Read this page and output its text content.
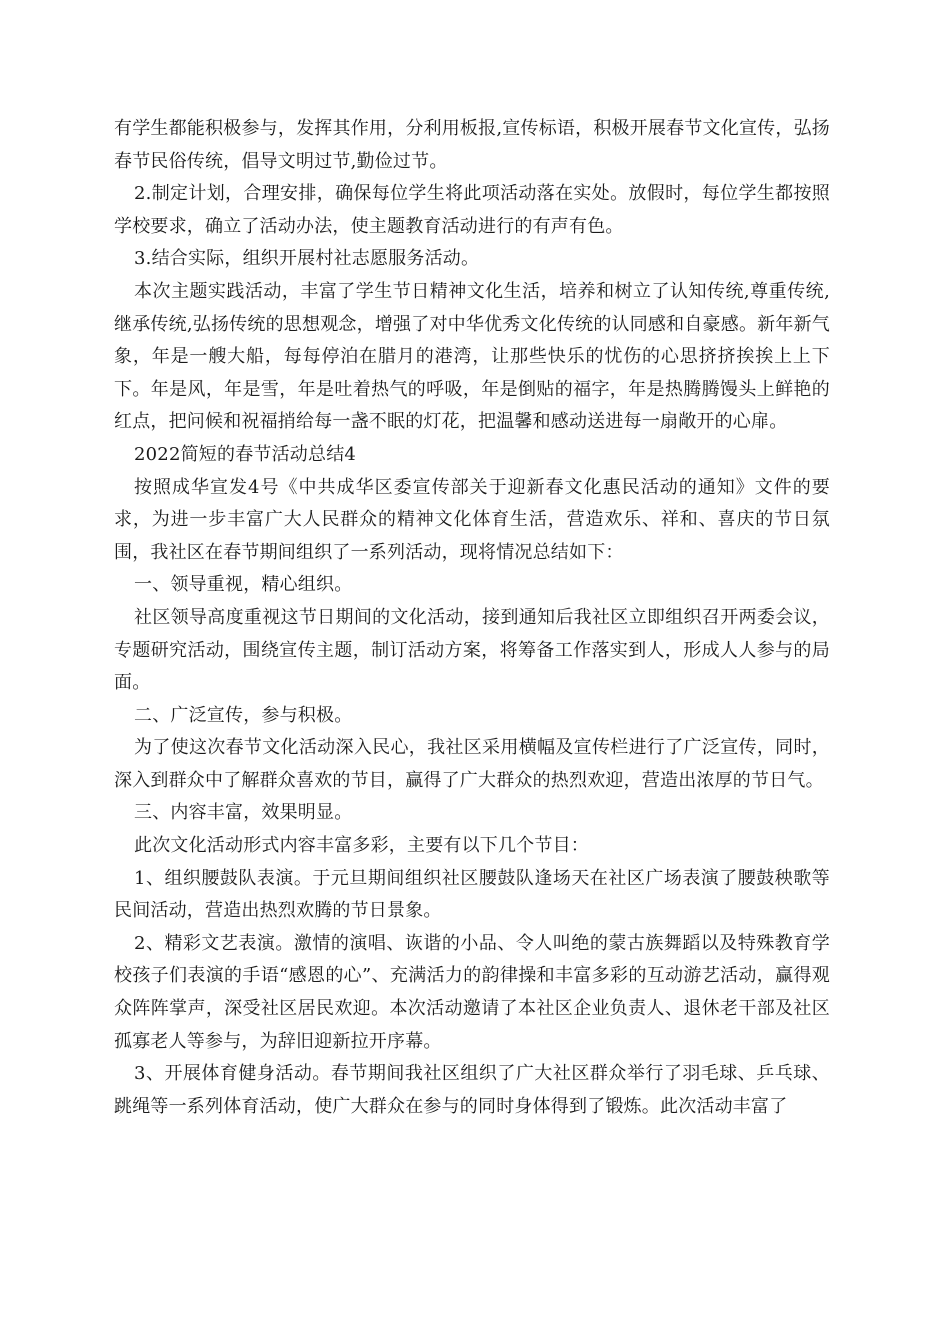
有学生都能积极参与，发挥其作用，分利用板报,宣传标语，积极开展春节文化宣传，弘扬春节民俗传统，倡导文明过节,勤俭过节。

2.制定计划，合理安排，确保每位学生将此项活动落在实处。放假时，每位学生都按照学校要求，确立了活动办法，使主题教育活动进行的有声有色。

3.结合实际，组织开展村社志愿服务活动。

本次主题实践活动，丰富了学生节日精神文化生活，培养和树立了认知传统,尊重传统,继承传统,弘扬传统的思想观念，增强了对中华优秀文化传统的认同感和自豪感。新年新气象，年是一艘大船，每每停泊在腊月的港湾，让那些快乐的忧伤的心思挤挤挨挨上上下下。年是风，年是雪，年是吐着热气的呼吸，年是倒贴的福字，年是热腾腾馒头上鲜艳的红点，把问候和祝福捎给每一盏不眠的灯花，把温馨和感动送进每一扇敞开的心扉。

2022简短的春节活动总结4

按照成华宣发4号《中共成华区委宣传部关于迎新春文化惠民活动的通知》文件的要求，为进一步丰富广大人民群众的精神文化体育生活，营造欢乐、祥和、喜庆的节日氛围，我社区在春节期间组织了一系列活动，现将情况总结如下：

一、领导重视，精心组织。

社区领导高度重视这节日期间的文化活动，接到通知后我社区立即组织召开两委会议，专题研究活动，围绕宣传主题，制订活动方案，将筹备工作落实到人，形成人人参与的局面。

二、广泛宣传，参与积极。

为了使这次春节文化活动深入民心，我社区采用横幅及宣传栏进行了广泛宣传，同时，深入到群众中了解群众喜欢的节目，赢得了广大群众的热烈欢迎，营造出浓厚的节日气。

三、内容丰富，效果明显。

此次文化活动形式内容丰富多彩，主要有以下几个节目：

1、组织腰鼓队表演。于元旦期间组织社区腰鼓队逢场天在社区广场表演了腰鼓秧歌等民间活动，营造出热烈欢腾的节日景象。

2、精彩文艺表演。激情的演唱、诙谐的小品、令人叫绝的蒙古族舞蹈以及特殊教育学校孩子们表演的手语“感恩的心”、充满活力的韵律操和丰富多彩的互动游艺活动，赢得观众阵阵掌声，深受社区居民欢迎。本次活动邀请了本社区企业负责人、退休老干部及社区孤寡老人等参与，为辞旧迎新拉开序幕。

3、开展体育健身活动。春节期间我社区组织了广大社区群众举行了羽毛球、乒乓球、跳绳等一系列体育活动，使广大群众在参与的同时身体得到了锻炼。此次活动丰富了
